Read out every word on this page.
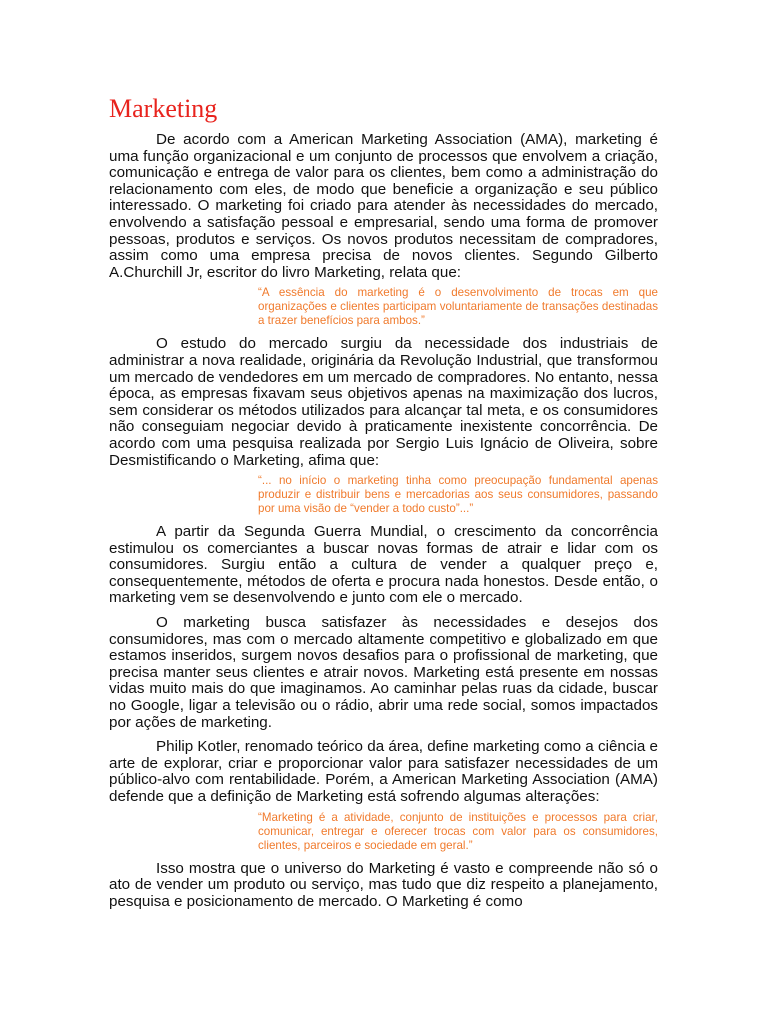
Marketing

De acordo com a American Marketing Association (AMA), marketing é uma função organizacional e um conjunto de processos que envolvem a criação, comunicação e entrega de valor para os clientes, bem como a administração do relacionamento com eles, de modo que beneficie a organização e seu público interessado. O marketing foi criado para atender às necessidades do mercado, envolvendo a satisfação pessoal e empresarial, sendo uma forma de promover pessoas, produtos e serviços. Os novos produtos necessitam de compradores, assim como uma empresa precisa de novos clientes. Segundo Gilberto A.Churchill Jr, escritor do livro Marketing, relata que:

“A essência do marketing é o desenvolvimento de trocas em que organizações e clientes participam voluntariamente de transações destinadas a trazer benefícios para ambos.”

O estudo do mercado surgiu da necessidade dos industriais de administrar a nova realidade, originária da Revolução Industrial, que transformou um mercado de vendedores em um mercado de compradores. No entanto, nessa época, as empresas fixavam seus objetivos apenas na maximização dos lucros, sem considerar os métodos utilizados para alcançar tal meta, e os consumidores não conseguiam negociar devido à praticamente inexistente concorrência. De acordo com uma pesquisa realizada por Sergio Luis Ignácio de Oliveira, sobre Desmistificando o Marketing, afima que:

“... no início o marketing tinha como preocupação fundamental apenas produzir e distribuir bens e mercadorias aos seus consumidores, passando por uma visão de “vender a todo custo”...”

A partir da Segunda Guerra Mundial, o crescimento da concorrência estimulou os comerciantes a buscar novas formas de atrair e lidar com os consumidores. Surgiu então a cultura de vender a qualquer preço e, consequentemente, métodos de oferta e procura nada honestos. Desde então, o marketing vem se desenvolvendo e junto com ele o mercado.

O marketing busca satisfazer às necessidades e desejos dos consumidores, mas com o mercado altamente competitivo e globalizado em que estamos inseridos, surgem novos desafios para o profissional de marketing, que precisa manter seus clientes e atrair novos. Marketing está presente em nossas vidas muito mais do que imaginamos. Ao caminhar pelas ruas da cidade, buscar no Google, ligar a televisão ou o rádio, abrir uma rede social, somos impactados por ações de marketing.

Philip Kotler, renomado teórico da área, define marketing como a ciência e arte de explorar, criar e proporcionar valor para satisfazer necessidades de um público-alvo com rentabilidade. Porém, a American Marketing Association (AMA) defende que a definição de Marketing está sofrendo algumas alterações:

“Marketing é a atividade, conjunto de instituições e processos para criar, comunicar, entregar e oferecer trocas com valor para os consumidores, clientes, parceiros e sociedade em geral.”

Isso mostra que o universo do Marketing é vasto e compreende não só o ato de vender um produto ou serviço, mas tudo que diz respeito a planejamento, pesquisa e posicionamento de mercado. O Marketing é como
